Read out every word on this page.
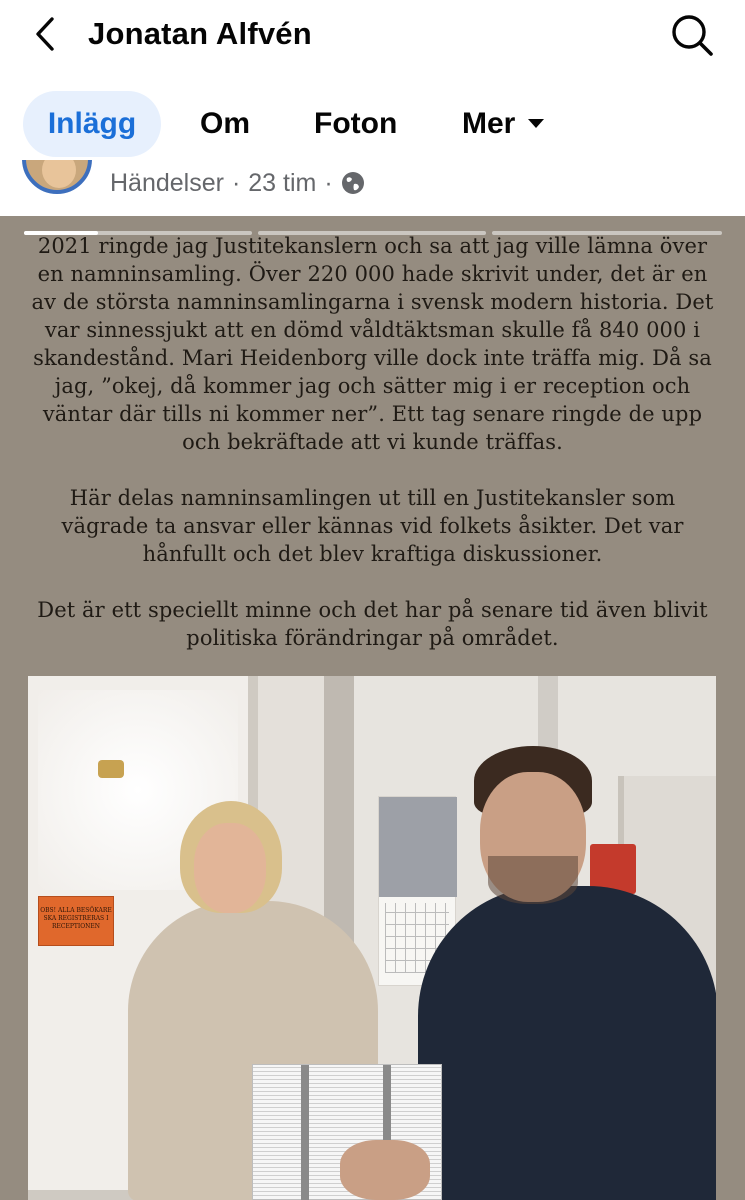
Jonatan Alfvén
Inlägg	Om Foton Mer
Händelser · 23 tim ·

2021 ringde jag Justitekanslern och sa att jag ville lämna över en namninsamling. Över 220 000 hade skrivit under, det är en av de största namninsamlingarna i svensk modern historia. Det var sinnessjukt att en dömd våldtäktsman skulle få 840 000 i skandestånd. Mari Heidenborg ville dock inte träffa mig. Då sa jag, ”okej, då kommer jag och sätter mig i er reception och väntar där tills ni kommer ner”. Ett tag senare ringde de upp och bekräftade att vi kunde träffas.

Här delas namninsamlingen ut till en Justitekansler som vägrade ta ansvar eller kännas vid folkets åsikter. Det var hånfullt och det blev kraftiga diskussioner.

Det är ett speciellt minne och det har på senare tid även blivit politiska förändringar på området.

OBS! ALLA BESÖKARE SKA REGISTRERAS I RECEPTIONEN
